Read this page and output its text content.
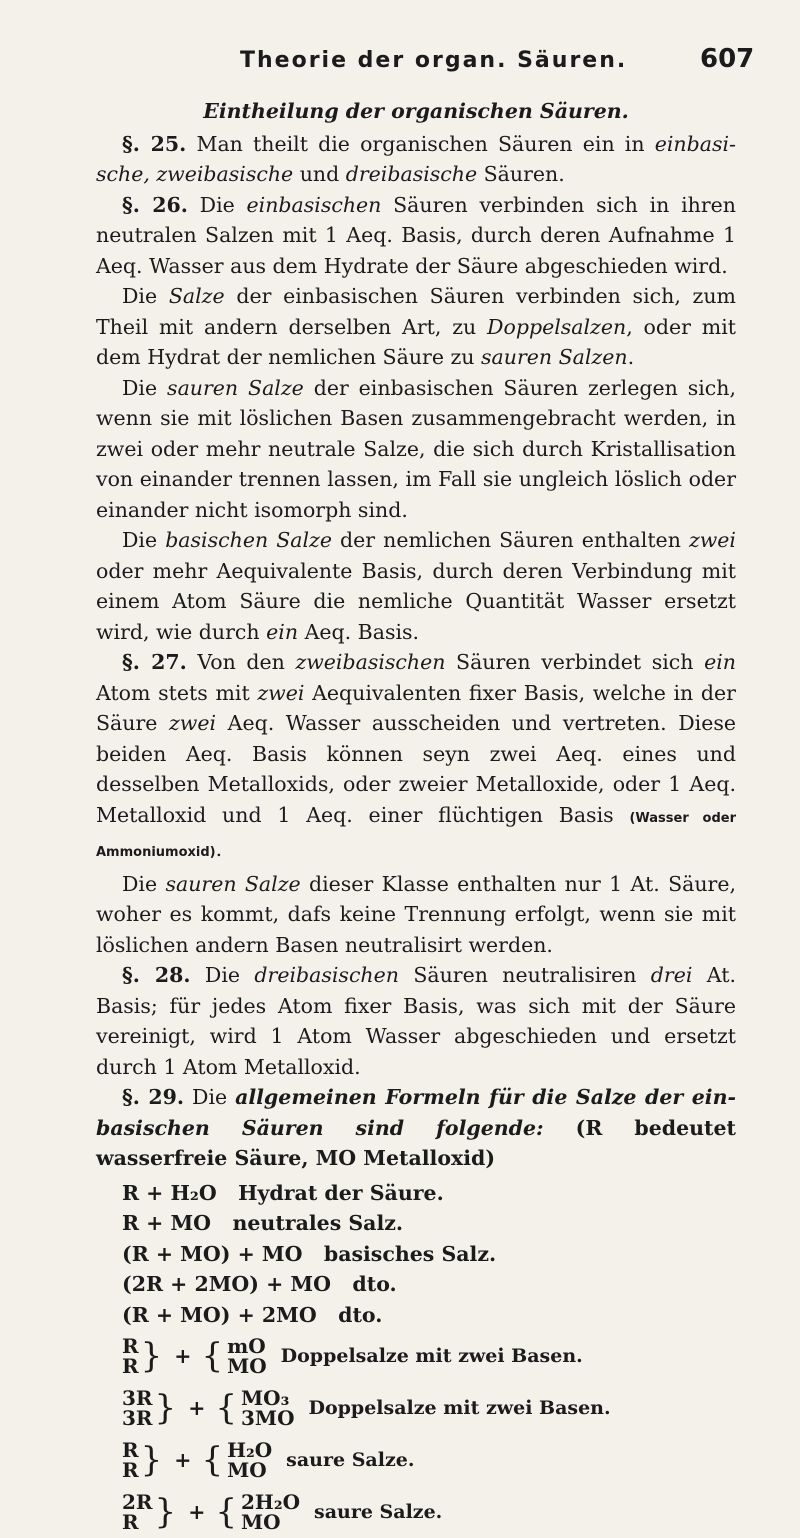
Theorie der organ. Säuren.	607
Eintheilung der organischen Säuren.

§. 25. Man theilt die organischen Säuren ein in einbasi-sche, zweibasische und dreibasische Säuren.

§. 26. Die einbasischen Säuren verbinden sich in ihren neutralen Salzen mit 1 Aeq. Basis, durch deren Aufnahme 1 Aeq. Wasser aus dem Hydrate der Säure abgeschieden wird.

Die Salze der einbasischen Säuren verbinden sich, zum Theil mit andern derselben Art, zu Doppelsalzen, oder mit dem Hydrat der nemlichen Säure zu sauren Salzen.

Die sauren Salze der einbasischen Säuren zerlegen sich, wenn sie mit löslichen Basen zusammengebracht werden, in zwei oder mehr neutrale Salze, die sich durch Kristallisation von einander trennen lassen, im Fall sie ungleich löslich oder einander nicht isomorph sind.

Die basischen Salze der nemlichen Säuren enthalten zwei oder mehr Aequivalente Basis, durch deren Verbindung mit einem Atom Säure die nemliche Quantität Wasser ersetzt wird, wie durch ein Aeq. Basis.

§. 27. Von den zweibasischen Säuren verbindet sich ein Atom stets mit zwei Aequivalenten fixer Basis, welche in der Säure zwei Aeq. Wasser ausscheiden und vertreten. Diese beiden Aeq. Basis können seyn zwei Aeq. eines und desselben Metalloxids, oder zweier Metalloxide, oder 1 Aeq. Metalloxid und 1 Aeq. einer flüchtigen Basis (Wasser oder Ammoniumoxid).

Die sauren Salze dieser Klasse enthalten nur 1 At. Säure, woher es kommt, dafs keine Trennung erfolgt, wenn sie mit löslichen andern Basen neutralisirt werden.

§. 28. Die dreibasischen Säuren neutralisiren drei At. Basis; für jedes Atom fixer Basis, was sich mit der Säure vereinigt, wird 1 Atom Wasser abgeschieden und ersetzt durch 1 Atom Metalloxid.

§. 29. Die allgemeinen Formeln für die Salze der ein-basischen Säuren sind folgende: (R bedeutet wasserfreie Säure, MO Metalloxid)

R + H₂O Hydrat der Säure.
R + MO neutrales Salz.
(R + MO) + MO basisches Salz.
(2R + 2MO) + MO dto.
(R + MO) + 2MO dto.
R
R } + { mO
MO Doppelsalze mit zwei Basen.
3R
3R } + { MO₃
3MO Doppelsalze mit zwei Basen.
R
R } + { H₂O
MO saure Salze.
2R
R } + { 2H₂O
MO	saure Salze.
